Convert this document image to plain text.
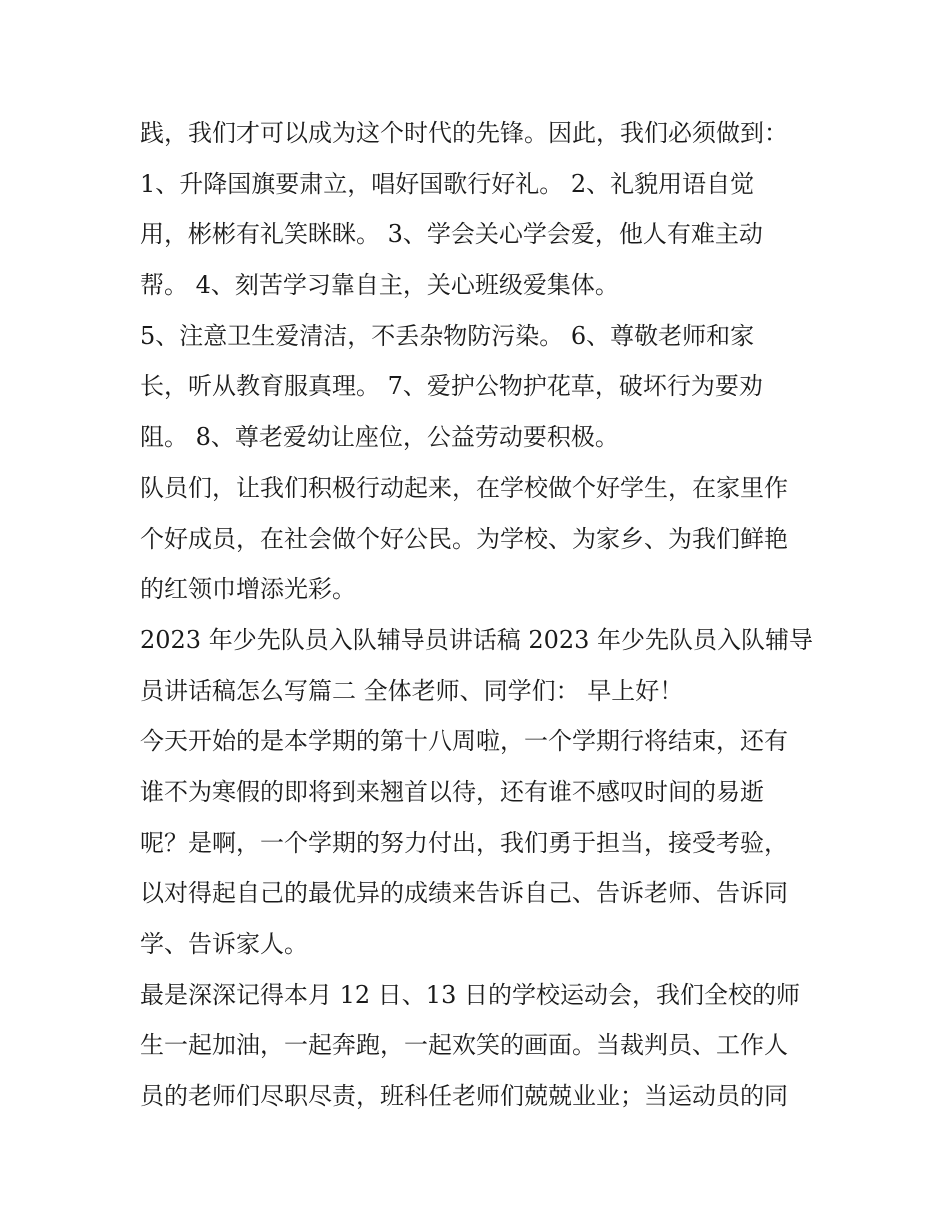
践，我们才可以成为这个时代的先锋。因此，我们必须做到：
1、升降国旗要肃立，唱好国歌行好礼。 2、礼貌用语自觉
用，彬彬有礼笑眯眯。 3、学会关心学会爱，他人有难主动
帮。 4、刻苦学习靠自主，关心班级爱集体。
5、注意卫生爱清洁，不丢杂物防污染。 6、尊敬老师和家
长，听从教育服真理。 7、爱护公物护花草，破坏行为要劝
阻。 8、尊老爱幼让座位，公益劳动要积极。
队员们，让我们积极行动起来，在学校做个好学生，在家里作
个好成员，在社会做个好公民。为学校、为家乡、为我们鲜艳
的红领巾增添光彩。
2023 年少先队员入队辅导员讲话稿 2023 年少先队员入队辅导
员讲话稿怎么写篇二 全体老师、同学们： 早上好！
今天开始的是本学期的第十八周啦，一个学期行将结束，还有
谁不为寒假的即将到来翘首以待，还有谁不感叹时间的易逝
呢？是啊，一个学期的努力付出，我们勇于担当，接受考验，
以对得起自己的最优异的成绩来告诉自己、告诉老师、告诉同
学、告诉家人。
最是深深记得本月 12 日、13 日的学校运动会，我们全校的师
生一起加油，一起奔跑，一起欢笑的画面。当裁判员、工作人
员的老师们尽职尽责，班科任老师们兢兢业业；当运动员的同
